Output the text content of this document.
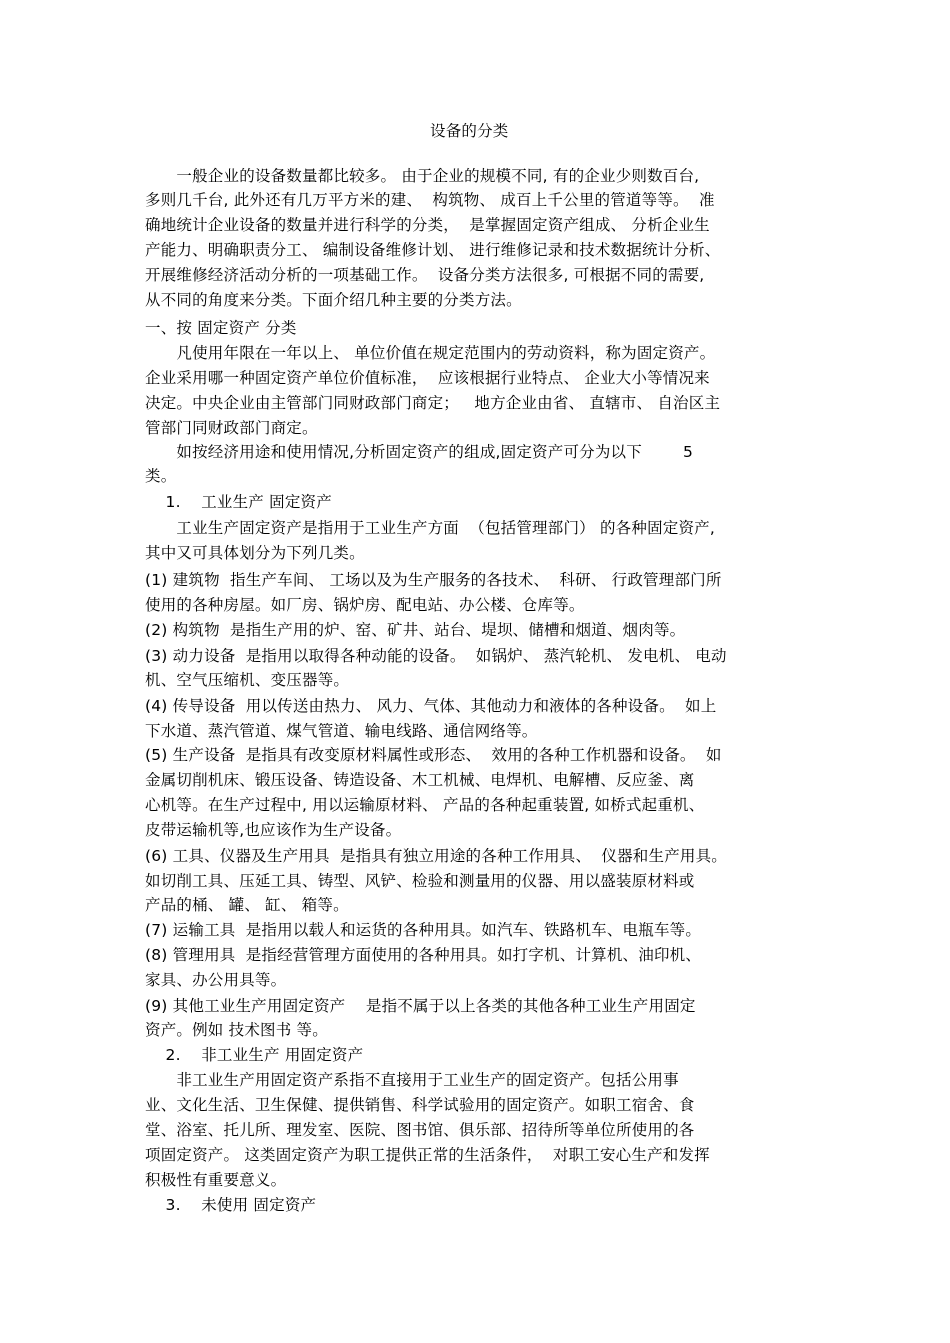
设备的分类
　　一般企业的设备数量都比较多。 由于企业的规模不同, 有的企业少则数百台,
多则几千台, 此外还有几万平方米的建、  构筑物、 成百上千公里的管道等等。  准
确地统计企业设备的数量并进行科学的分类，  是掌握固定资产组成、 分析企业生
产能力、明确职责分工、 编制设备维修计划、 进行维修记录和技术数据统计分析、
开展维修经济活动分析的一项基础工作。  设备分类方法很多, 可根据不同的需要,
从不同的角度来分类。下面介绍几种主要的分类方法。
一、按 固定资产 分类
　　凡使用年限在一年以上、 单位价值在规定范围内的劳动资料，称为固定资产。
企业采用哪一种固定资产单位价值标准，  应该根据行业特点、 企业大小等情况来
决定。中央企业由主管部门同财政部门商定；   地方企业由省、 直辖市、 自治区主
管部门同财政部门商定。
　　如按经济用途和使用情况,分析固定资产的组成,固定资产可分为以下        5
类。
1.    工业生产 固定资产
　　工业生产固定资产是指用于工业生产方面  （包括管理部门） 的各种固定资产,
其中又可具体划分为下列几类。
(1) 建筑物  指生产车间、 工场以及为生产服务的各技术、  科研、 行政管理部门所
使用的各种房屋。如厂房、锅炉房、配电站、办公楼、仓库等。
(2) 构筑物  是指生产用的炉、窑、矿井、站台、堤坝、储槽和烟道、烟肉等。
(3) 动力设备  是指用以取得各种动能的设备。  如锅炉、 蒸汽轮机、 发电机、 电动
机、空气压缩机、变压器等。
(4) 传导设备  用以传送由热力、 风力、气体、其他动力和液体的各种设备。  如上
下水道、蒸汽管道、煤气管道、输电线路、通信网络等。
(5) 生产设备  是指具有改变原材料属性或形态、  效用的各种工作机器和设备。  如
金属切削机床、锻压设备、铸造设备、木工机械、电焊机、电解槽、反应釜、离
心机等。在生产过程中, 用以运输原材料、 产品的各种起重装置, 如桥式起重机、
皮带运输机等,也应该作为生产设备。
(6) 工具、仪器及生产用具  是指具有独立用途的各种工作用具、  仪器和生产用具。
如切削工具、压延工具、铸型、风铲、检验和测量用的仪器、用以盛装原材料或
产品的桶、 罐、 缸、 箱等。
(7) 运输工具  是指用以载人和运货的各种用具。如汽车、铁路机车、电瓶车等。
(8) 管理用具  是指经营管理方面使用的各种用具。如打字机、计算机、油印机、
家具、办公用具等。
(9) 其他工业生产用固定资产    是指不属于以上各类的其他各种工业生产用固定
资产。例如 技术图书 等。
2.    非工业生产 用固定资产
　　非工业生产用固定资产系指不直接用于工业生产的固定资产。包括公用事
业、文化生活、卫生保健、提供销售、科学试验用的固定资产。如职工宿舍、食
堂、浴室、托儿所、理发室、医院、图书馆、俱乐部、招待所等单位所使用的各
项固定资产。 这类固定资产为职工提供正常的生活条件，  对职工安心生产和发挥
积极性有重要意义。
3.    未使用 固定资产
